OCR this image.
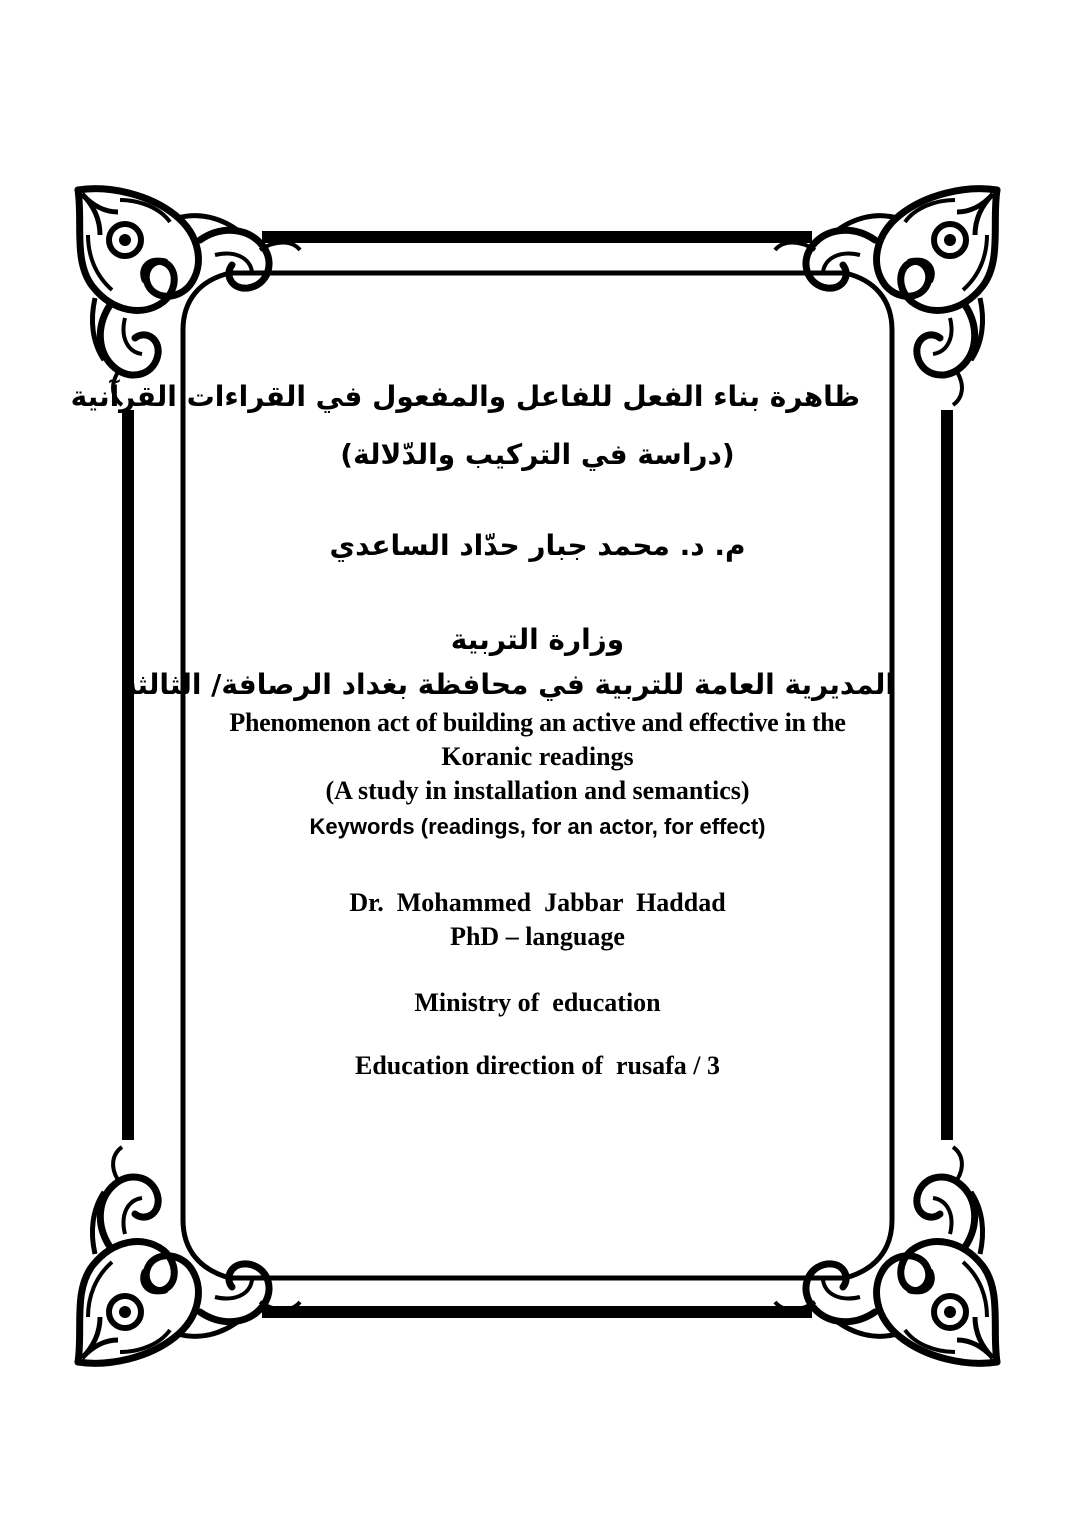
ظاهرة بناء الفعل للفاعل والمفعول في القراءات القرآنية

(دراسة في التركيب والدّلالة)

م. د. محمد جبار حدّاد الساعدي

وزارة التربية

المديرية العامة للتربية في محافظة بغداد الرصافة/ الثالثة

Phenomenon act of building an active and effective in the

Koranic readings

(A study in installation and semantics)

Keywords (readings, for an actor, for effect)

Dr.  Mohammed  Jabbar  Haddad

PhD – language

Ministry of  education

Education direction of  rusafa / 3
